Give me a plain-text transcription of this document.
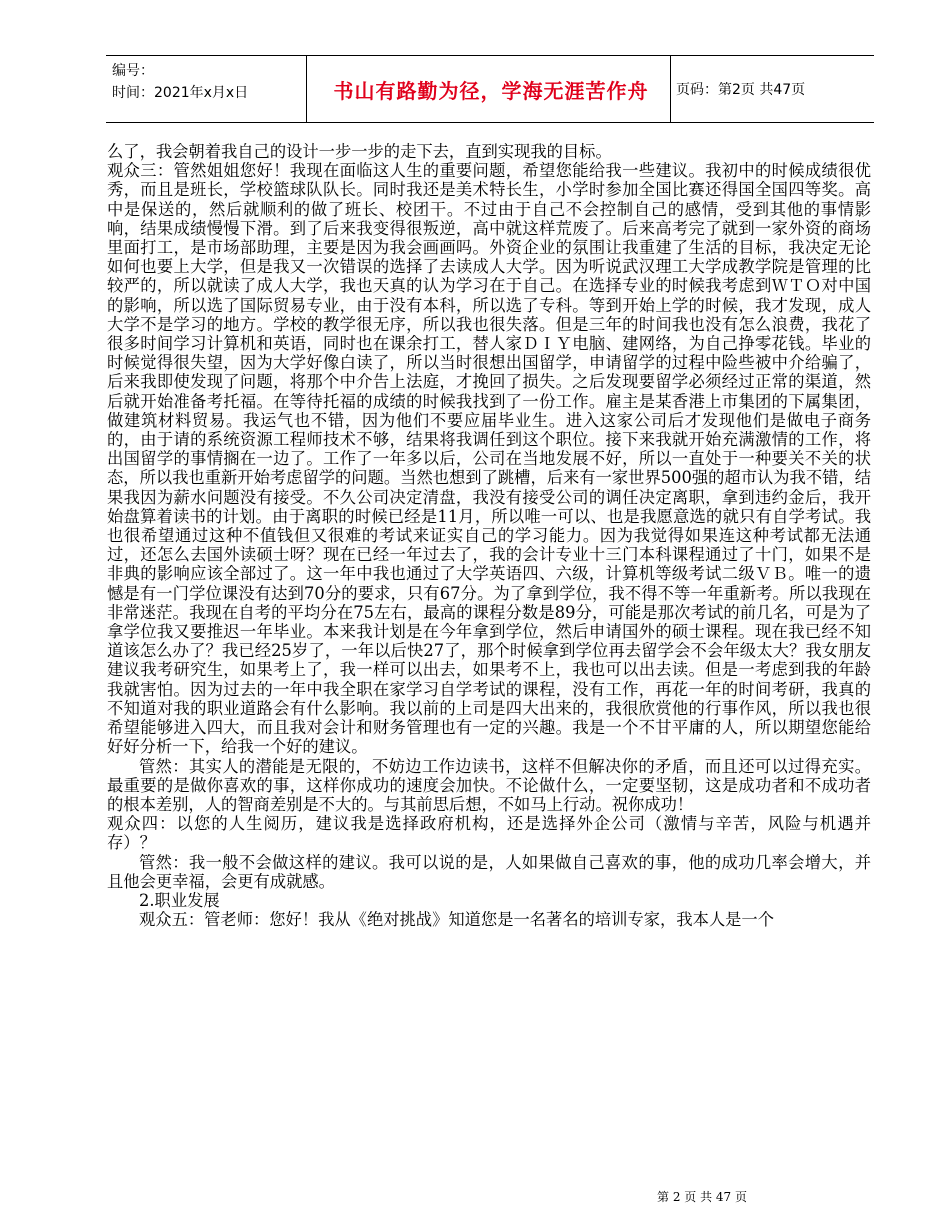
编号：
时间：2021年x月x日	书山有路勤为径，学海无涯苦作舟	页码：第2页 共47页

么了，我会朝着我自己的设计一步一步的走下去，直到实现我的目标。

观众三：管然姐姐您好！我现在面临这人生的重要问题，希望您能给我一些建议。我初中的时候成绩很优秀，而且是班长，学校篮球队队长。同时我还是美术特长生，小学时参加全国比赛还得国全国四等奖。高中是保送的，然后就顺利的做了班长、校团干。不过由于自己不会控制自己的感情，受到其他的事情影响，结果成绩慢慢下滑。到了后来我变得很叛逆，高中就这样荒废了。后来高考完了就到一家外资的商场里面打工，是市场部助理，主要是因为我会画画吗。外资企业的氛围让我重建了生活的目标，我决定无论如何也要上大学，但是我又一次错误的选择了去读成人大学。因为听说武汉理工大学成教学院是管理的比较严的，所以就读了成人大学，我也天真的认为学习在于自己。在选择专业的时候我考虑到ＷＴＯ对中国的影响，所以选了国际贸易专业，由于没有本科，所以选了专科。等到开始上学的时候，我才发现，成人大学不是学习的地方。学校的教学很无序，所以我也很失落。但是三年的时间我也没有怎么浪费，我花了很多时间学习计算机和英语，同时也在课余打工，替人家ＤＩＹ电脑、建网络，为自己挣零花钱。毕业的时候觉得很失望，因为大学好像白读了，所以当时很想出国留学，申请留学的过程中险些被中介给骗了，后来我即使发现了问题，将那个中介告上法庭，才挽回了损失。之后发现要留学必须经过正常的渠道，然后就开始准备考托福。在等待托福的成绩的时候我找到了一份工作。雇主是某香港上市集团的下属集团，做建筑材料贸易。我运气也不错，因为他们不要应届毕业生。进入这家公司后才发现他们是做电子商务的，由于请的系统资源工程师技术不够，结果将我调任到这个职位。接下来我就开始充满激情的工作，将出国留学的事情搁在一边了。工作了一年多以后，公司在当地发展不好，所以一直处于一种要关不关的状态，所以我也重新开始考虑留学的问题。当然也想到了跳槽，后来有一家世界500强的超市认为我不错，结果我因为薪水问题没有接受。不久公司决定清盘，我没有接受公司的调任决定离职，拿到违约金后，我开始盘算着读书的计划。由于离职的时候已经是11月，所以唯一可以、也是我愿意选的就只有自学考试。我也很希望通过这种不值钱但又很难的考试来证实自己的学习能力。因为我觉得如果连这种考试都无法通过，还怎么去国外读硕士呀？现在已经一年过去了，我的会计专业十三门本科课程通过了十门，如果不是非典的影响应该全部过了。这一年中我也通过了大学英语四、六级，计算机等级考试二级ＶＢ。唯一的遗憾是有一门学位课没有达到70分的要求，只有67分。为了拿到学位，我不得不等一年重新考。所以我现在非常迷茫。我现在自考的平均分在75左右，最高的课程分数是89分，可能是那次考试的前几名，可是为了拿学位我又要推迟一年毕业。本来我计划是在今年拿到学位，然后申请国外的硕士课程。现在我已经不知道该怎么办了？我已经25岁了，一年以后快27了，那个时候拿到学位再去留学会不会年级太大？我女朋友建议我考研究生，如果考上了，我一样可以出去，如果考不上，我也可以出去读。但是一考虑到我的年龄我就害怕。因为过去的一年中我全职在家学习自学考试的课程，没有工作，再花一年的时间考研，我真的不知道对我的职业道路会有什么影响。我以前的上司是四大出来的，我很欣赏他的行事作风，所以我也很希望能够进入四大，而且我对会计和财务管理也有一定的兴趣。我是一个不甘平庸的人，所以期望您能给好好分析一下，给我一个好的建议。

管然：其实人的潜能是无限的，不妨边工作边读书，这样不但解决你的矛盾，而且还可以过得充实。最重要的是做你喜欢的事，这样你成功的速度会加快。不论做什么，一定要坚韧，这是成功者和不成功者的根本差别，人的智商差别是不大的。与其前思后想，不如马上行动。祝你成功！

观众四：以您的人生阅历，建议我是选择政府机构，还是选择外企公司（激情与辛苦，风险与机遇并存）？

管然：我一般不会做这样的建议。我可以说的是，人如果做自己喜欢的事，他的成功几率会增大，并且他会更幸福，会更有成就感。

2.职业发展

观众五：管老师：您好！我从《绝对挑战》知道您是一名著名的培训专家，我本人是一个

第 2 页 共 47 页
